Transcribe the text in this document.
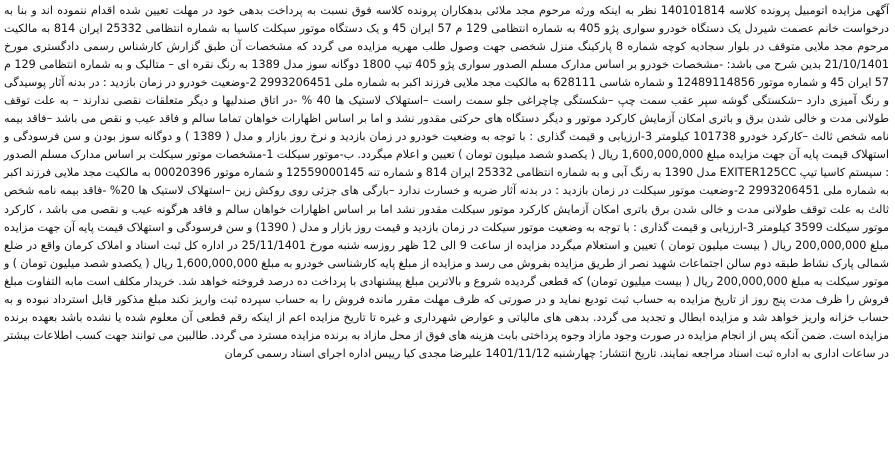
آگهی مزایده اتومبیل پرونده کلاسه 140101814 نظر به اینکه ورثه مرحوم مجد ملائی بدهکاران پرونده کلاسه فوق نسبت به پرداخت بدهی خود در مهلت تعیین شده اقدام ننموده اند و بنا به درخواست خانم عصمت شیردل یک دستگاه خودرو سواری پژو 405 به شماره انتظامی 129 م 57 ایران 45 و یک دستگاه موتور سیکلت کاسیا به شماره انتظامی 25332 ایران 814 به مالکیت مرحوم مجد ملایی متوقف در بلوار سجادیه کوچه شماره 8 پارکینگ منزل شخصی جهت وصول طلب مهریه مزایده می گردد که مشخصات آن طبق گزارش کارشناس رسمی دادگستری مورخ 21/10/1401 بدین شرح می باشد: -مشخصات خودرو بر اساس مدارک مسلم الصدور سواری پژو 405 تیپ 1800 دوگانه سوز مدل 1389 به رنگ نقره ای – متالیک و به شماره انتظامی 129 م 57 ایران 45 و شماره موتور 12489114856 و شماره شاسی 628111 به مالکیت مجد ملایی فرزند اکبر به شماره ملی 2993206451 2-وضعیت خودرو در زمان بازدید : در بدنه آثار پوسیدگی و رنگ آمیزی دارد –شکستگی گوشه سپر عقب سمت چپ –شکستگی چاچراغی جلو سمت راست –استهلاک لاستیک ها 40 % -در اتاق صندلیها و دیگر متعلقات نقصی ندارند – به علت توقف طولانی مدت و خالی شدن برق و باتری امکان آزمایش کارکرد موتور و دیگر دستگاه های حرکتی مقدور نشد و اما بر اساس اظهارات خواهان تماما سالم و فاقد عیب و نقص می باشد –فاقد بیمه نامه شخص ثالث –کارکرد خودرو 101738 کیلومتر 3-ارزیابی و قیمت گذاری : با توجه به وضعیت خودرو در زمان بازدید و نرخ روز بازار و مدل ( 1389 ) و دوگانه سوز بودن و سن فرسودگی و استهلاک قیمت پایه آن جهت مزایده مبلغ 1,600,000,000 ریال ( یکصدو شصد میلیون تومان ) تعیین و اعلام میگردد. ب-موتور سیکلت 1-مشخصات موتور سیکلت بر اساس مدارک مسلم الصدور : سیستم کاسیا تیپ EXITER125CC مدل 1390 به رنگ آبی و به شماره انتظامی 25332 ایران 814 و شماره تنه 12559000145 و شماره موتور 00020396 به مالکیت مجد ملایی فرزند اکبر به شماره ملی 2993206451 2-وضعیت موتور سیکلت در زمان بازدید : در بدنه آثار ضربه و خسارت ندارد –بارگی های جزئی روی روکش زین –استهلاک لاستیک ها 20% -فاقد بیمه نامه شخص ثالث به علت توقف طولانی مدت و خالی شدن برق باتری امکان آزمایش کارکرد موتور سیکلت مقدور نشد اما بر اساس اظهارات خواهان سالم و فاقد هرگونه عیب و نقصی می باشد ، کارکرد موتور سیکلت 3599 کیلومتر 3-ارزیابی و قیمت گذاری : با توجه به وضعیت موتور سیکلت در زمان بازدید و قیمت روز بازار و مدل ( 1390) و سن فرسودگی و استهلاک قیمت پایه آن جهت مزایده مبلغ 200,000,000 ریال ( بیست میلیون تومان ) تعیین و استعلام میگردد مزایده از ساعت 9 الی 12 ظهر روزسه شنبه مورخ 25/11/1401 در اداره کل ثبت اسناد و املاک کرمان واقع در ضلع شمالی پارک نشاط طبقه دوم سالن اجتماعات شهید نصر از طریق مزایده بفروش می رسد و مزایده از مبلغ پایه کارشناسی خودرو به مبلغ 1,600,000,000 ریال ( یکصدو شصد میلیون تومان ) و موتور سیکلت به مبلغ 200,000,000 ریال ( بیست میلیون تومان) که قطعی گردیده شروع و بالاترین مبلغ پیشنهادی با پرداخت ده درصد فروخته خواهد شد. خریدار مکلف است مابه التفاوت مبلغ فروش را ظرف مدت پنج روز از تاریخ مزایده به حساب ثبت تودیع نماید و در صورتی که ظرف مهلت مقرر مانده فروش را به حساب سپرده ثبت واریز نکند مبلغ مذکور قابل استرداد نبوده و به حساب خزانه واریز خواهد شد و مزایده ابطال و تجدید می گردد. بدهی های مالیاتی و عوارض شهرداری و غیره تا تاریخ مزایده اعم از اینکه رقم قطعی آن معلوم شده یا نشده باشد بعهده برنده مزایده است. ضمن آنکه پس از انجام مزایده در صورت وجود مازاد وجوه پرداختی بابت هزینه های فوق از محل مازاد به برنده مزایده مسترد می گردد. طالبین می توانند جهت کسب اطلاعات بیشتر در ساعات اداری به اداره ثبت اسناد مراجعه نمایند. تاریخ انتشار: چهارشنبه 1401/11/12 علیرضا مجدی کیا رییس اداره اجرای اسناد رسمی کرمان
